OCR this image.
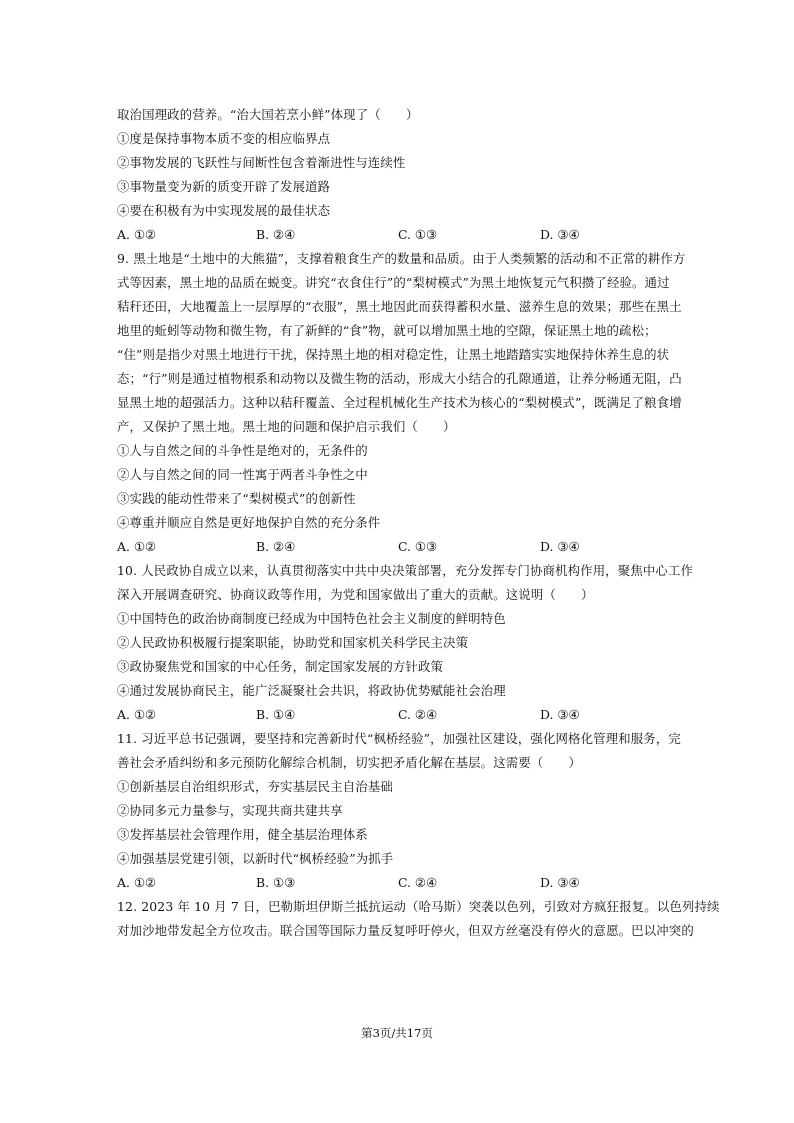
取治国理政的营养。“治大国若烹小鲜”体现了（　　）
①度是保持事物本质不变的相应临界点
②事物发展的飞跃性与间断性包含着渐进性与连续性
③事物量变为新的质变开辟了发展道路
④要在积极有为中实现发展的最佳状态
A. ①②	B. ②④	C. ①③	D. ③④
9. 黑土地是“土地中的大熊猫”，支撑着粮食生产的数量和品质。由于人类频繁的活动和不正常的耕作方
式等因素，黑土地的品质在蜕变。讲究“衣食住行”的“梨树模式”为黑土地恢复元气积攒了经验。通过
秸秆还田，大地覆盖上一层厚厚的“衣服”，黑土地因此而获得蓄积水量、滋养生息的效果；那些在黑土
地里的蚯蚓等动物和微生物，有了新鲜的“食”物，就可以增加黑土地的空隙，保证黑土地的疏松；
“住”则是指少对黑土地进行干扰，保持黑土地的相对稳定性，让黑土地踏踏实实地保持休养生息的状
态；“行”则是通过植物根系和动物以及微生物的活动，形成大小结合的孔隙通道，让养分畅通无阻，凸
显黑土地的超强活力。这种以秸秆覆盖、全过程机械化生产技术为核心的“梨树模式”，既满足了粮食增
产，又保护了黑土地。黑土地的问题和保护启示我们（　　）
①人与自然之间的斗争性是绝对的，无条件的
②人与自然之间的同一性寓于两者斗争性之中
③实践的能动性带来了“梨树模式”的创新性
④尊重并顺应自然是更好地保护自然的充分条件
A. ①②	B. ②④	C. ①③	D. ③④
10. 人民政协自成立以来，认真贯彻落实中共中央决策部署，充分发挥专门协商机构作用，聚焦中心工作
深入开展调查研究、协商议政等作用，为党和国家做出了重大的贡献。这说明（　　）
①中国特色的政治协商制度已经成为中国特色社会主义制度的鲜明特色
②人民政协积极履行提案职能，协助党和国家机关科学民主决策
③政协聚焦党和国家的中心任务，制定国家发展的方针政策
④通过发展协商民主，能广泛凝聚社会共识，将政协优势赋能社会治理
A. ①②	B. ①④	C. ②④	D. ③④
11. 习近平总书记强调，要坚持和完善新时代“枫桥经验”，加强社区建设，强化网格化管理和服务，完
善社会矛盾纠纷和多元预防化解综合机制，切实把矛盾化解在基层。这需要（　　）
①创新基层自治组织形式，夯实基层民主自治基础
②协同多元力量参与，实现共商共建共享
③发挥基层社会管理作用，健全基层治理体系
④加强基层党建引领，以新时代“枫桥经验”为抓手
A. ①②	B. ①③	C. ②④	D. ③④
12. 2023 年 10 月 7 日，巴勒斯坦伊斯兰抵抗运动（哈马斯）突袭以色列，引致对方疯狂报复。以色列持续
对加沙地带发起全方位攻击。联合国等国际力量反复呼吁停火，但双方丝毫没有停火的意愿。巴以冲突的
第3页/共17页
